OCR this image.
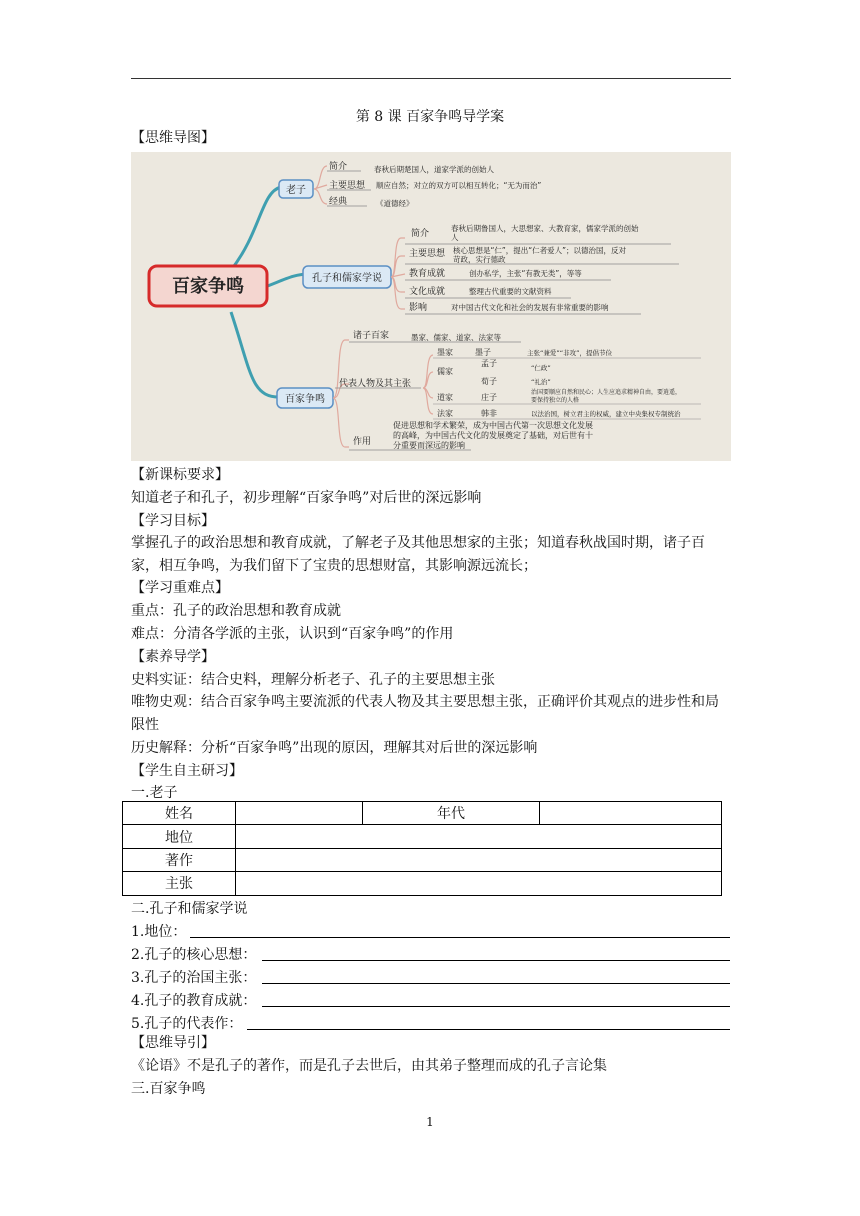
第 8 课 百家争鸣导学案
【思维导图】
百家争鸣
老子
简介	春秋后期楚国人，道家学派的创始人
主要思想 顺应自然；对立的双方可以相互转化；“无为而治”
经典	《道德经》
孔子和儒家学说
简介
春秋后期鲁国人，大思想家、大教育家，儒家学派的创始
人
主要思想 核心思想是“仁”，提出“仁者爱人”；以德治国，反对
苛政，实行德政
教育成就	创办私学，主张“有教无类”，等等
文化成就	整理古代重要的文献资料
影响	对中国古代文化和社会的发展有非常重要的影响
百家争鸣
诸子百家	墨家、儒家、道家、法家等
代表人物及其主张
墨家	墨子	主张“兼爱”“非攻”，提倡节俭
儒家
孟子	“仁政”
荀子	“礼治”
道家	庄子
治国要顺应自然和民心；人生应追求精神自由，要逍遥，
要保持独立的人格
法家	韩非	以法治国，树立君主的权威，建立中央集权专制统治
作用
促进思想和学术繁荣，成为中国古代第一次思想文化发展
的高峰，为中国古代文化的发展奠定了基础，对后世有十
分重要而深远的影响
【新课标要求】
知道老子和孔子，初步理解“百家争鸣”对后世的深远影响
【学习目标】
掌握孔子的政治思想和教育成就，了解老子及其他思想家的主张；知道春秋战国时期，诸子百家，相互争鸣，为我们留下了宝贵的思想财富，其影响源远流长；
【学习重难点】
重点：孔子的政治思想和教育成就
难点：分清各学派的主张，认识到“百家争鸣”的作用
【素养导学】
史料实证：结合史料，理解分析老子、孔子的主要思想主张
唯物史观：结合百家争鸣主要流派的代表人物及其主要思想主张，正确评价其观点的进步性和局限性
历史解释：分析“百家争鸣”出现的原因，理解其对后世的深远影响
【学生自主研习】
一.老子
姓名		年代	
地位			
著作			
主张			
二.孔子和儒家学说
1.地位：
2.孔子的核心思想：
3.孔子的治国主张：
4.孔子的教育成就：
5.孔子的代表作：
【思维导引】
《论语》不是孔子的著作，而是孔子去世后，由其弟子整理而成的孔子言论集
三.百家争鸣
1
